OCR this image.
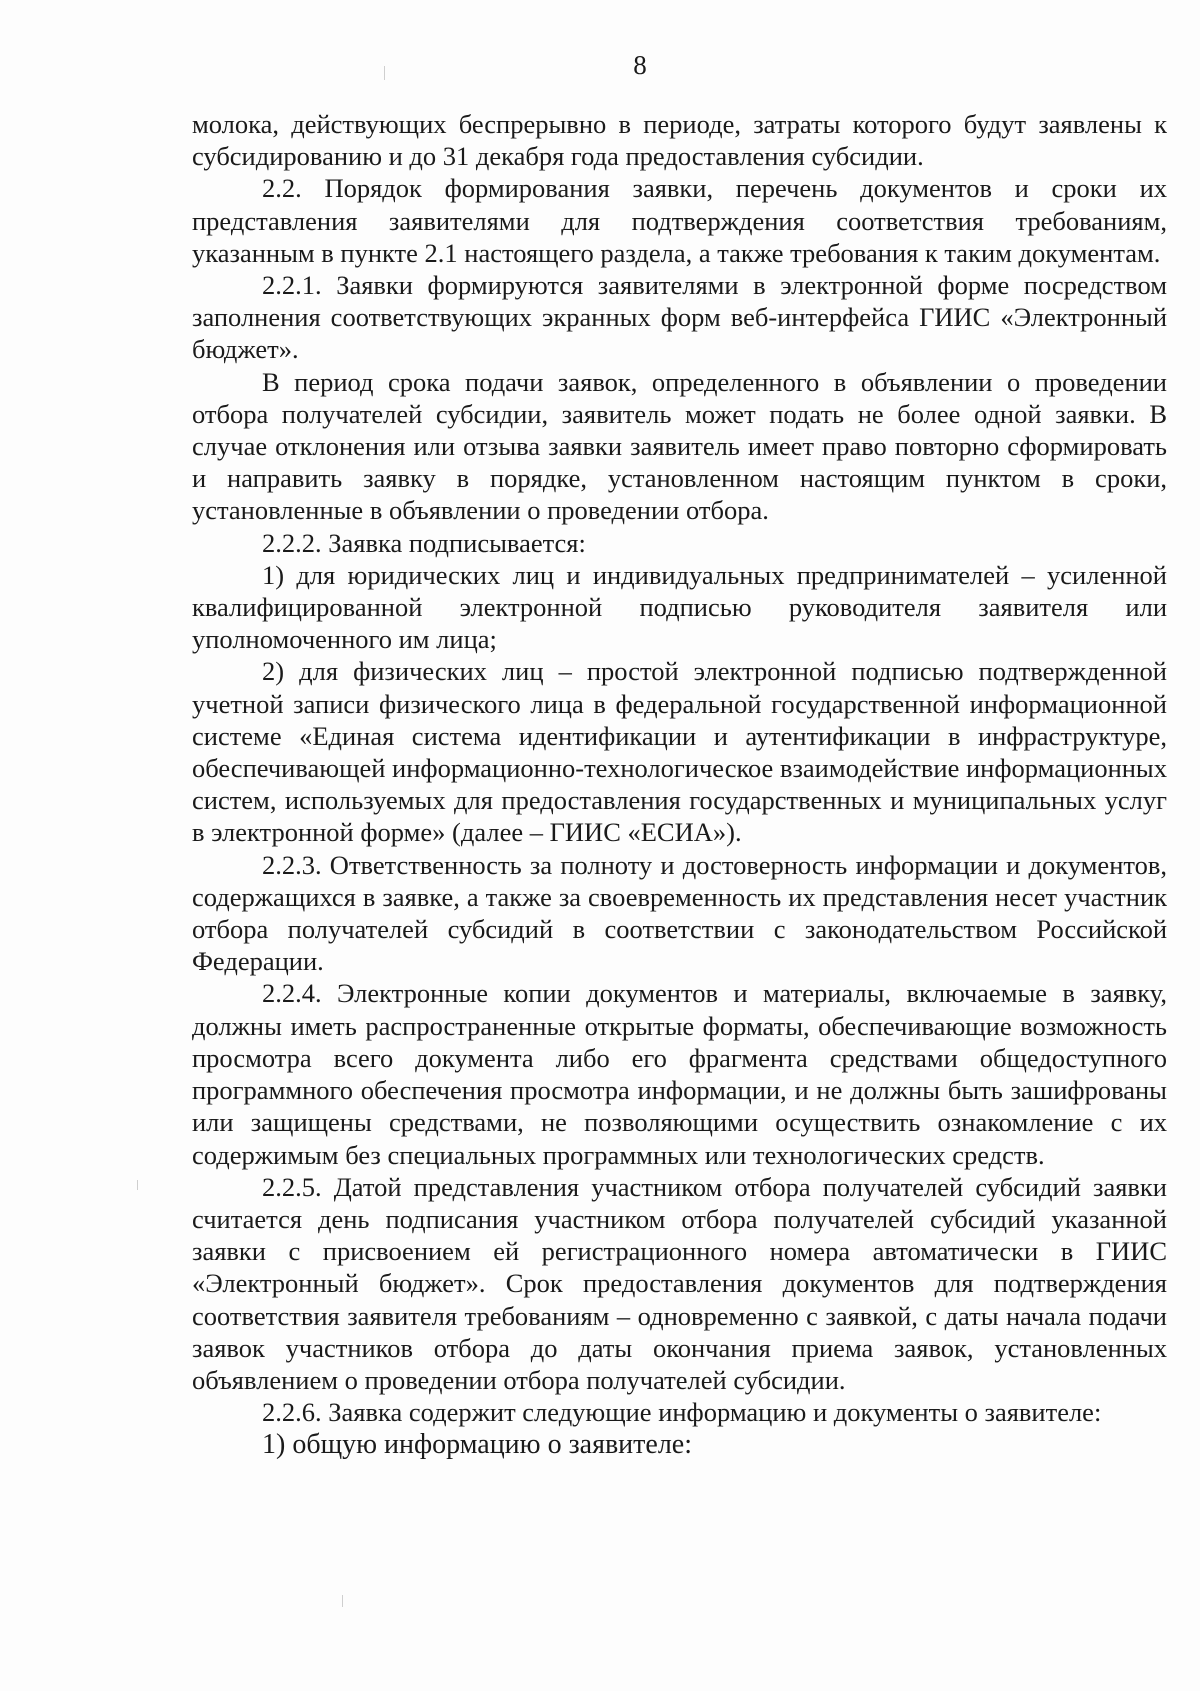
8

молока, действующих беспрерывно в периоде, затраты которого будут заявлены к субсидированию и до 31 декабря года предоставления субсидии.

2.2. Порядок формирования заявки, перечень документов и сроки их представления заявителями для подтверждения соответствия требованиям, указанным в пункте 2.1 настоящего раздела, а также требования к таким документам.

2.2.1. Заявки формируются заявителями в электронной форме посредством заполнения соответствующих экранных форм веб-интерфейса ГИИС «Электронный бюджет».

В период срока подачи заявок, определенного в объявлении о проведении отбора получателей субсидии, заявитель может подать не более одной заявки. В случае отклонения или отзыва заявки заявитель имеет право повторно сформировать и направить заявку в порядке, установленном настоящим пунктом в сроки, установленные в объявлении о проведении отбора.

2.2.2. Заявка подписывается:

1) для юридических лиц и индивидуальных предпринимателей – усиленной квалифицированной электронной подписью руководителя заявителя или уполномоченного им лица;

2) для физических лиц – простой электронной подписью подтвержденной учетной записи физического лица в федеральной государственной информационной системе «Единая система идентификации и аутентификации в инфраструктуре, обеспечивающей информационно-технологическое взаимодействие информационных систем, используемых для предоставления государственных и муниципальных услуг в электронной форме» (далее – ГИИС «ЕСИА»).

2.2.3. Ответственность за полноту и достоверность информации и документов, содержащихся в заявке, а также за своевременность их представления несет участник отбора получателей субсидий в соответствии с законодательством Российской Федерации.

2.2.4. Электронные копии документов и материалы, включаемые в заявку, должны иметь распространенные открытые форматы, обеспечивающие возможность просмотра всего документа либо его фрагмента средствами общедоступного программного обеспечения просмотра информации, и не должны быть зашифрованы или защищены средствами, не позволяющими осуществить ознакомление с их содержимым без специальных программных или технологических средств.

2.2.5. Датой представления участником отбора получателей субсидий заявки считается день подписания участником отбора получателей субсидий указанной заявки с присвоением ей регистрационного номера автоматически в ГИИС «Электронный бюджет». Срок предоставления документов для подтверждения соответствия заявителя требованиям – одновременно с заявкой, с даты начала подачи заявок участников отбора до даты окончания приема заявок, установленных объявлением о проведении отбора получателей субсидии.

2.2.6. Заявка содержит следующие информацию и документы о заявителе:

1) общую информацию о заявителе:
